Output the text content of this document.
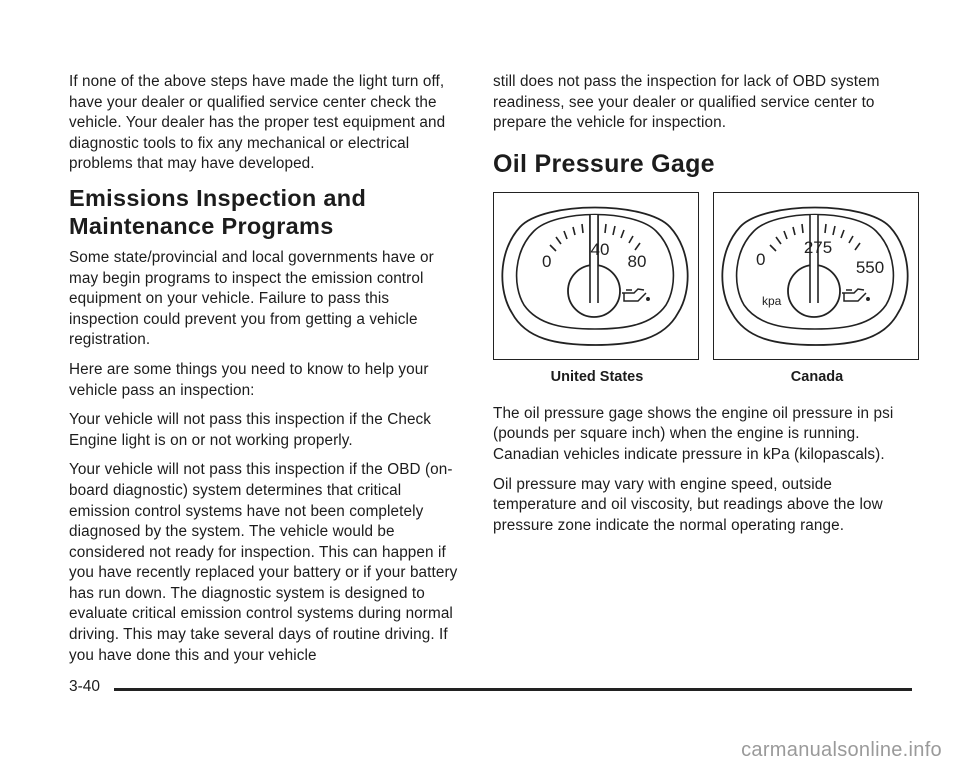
If none of the above steps have made the light turn off, have your dealer or qualified service center check the vehicle. Your dealer has the proper test equipment and diagnostic tools to fix any mechanical or electrical problems that may have developed.

Emissions Inspection and Maintenance Programs

Some state/provincial and local governments have or may begin programs to inspect the emission control equipment on your vehicle. Failure to pass this inspection could prevent you from getting a vehicle registration.

Here are some things you need to know to help your vehicle pass an inspection:

Your vehicle will not pass this inspection if the Check Engine light is on or not working properly.

Your vehicle will not pass this inspection if the OBD (on-board diagnostic) system determines that critical emission control systems have not been completely diagnosed by the system. The vehicle would be considered not ready for inspection. This can happen if you have recently replaced your battery or if your battery has run down. The diagnostic system is designed to evaluate critical emission control systems during normal driving. This may take several days of routine driving. If you have done this and your vehicle

still does not pass the inspection for lack of OBD system readiness, see your dealer or qualified service center to prepare the vehicle for inspection.

Oil Pressure Gage
0
40
80
United States
0
275
550
kpa
Canada

The oil pressure gage shows the engine oil pressure in psi (pounds per square inch) when the engine is running. Canadian vehicles indicate pressure in kPa (kilopascals).

Oil pressure may vary with engine speed, outside temperature and oil viscosity, but readings above the low pressure zone indicate the normal operating range.

3-40
carmanualsonline.info
